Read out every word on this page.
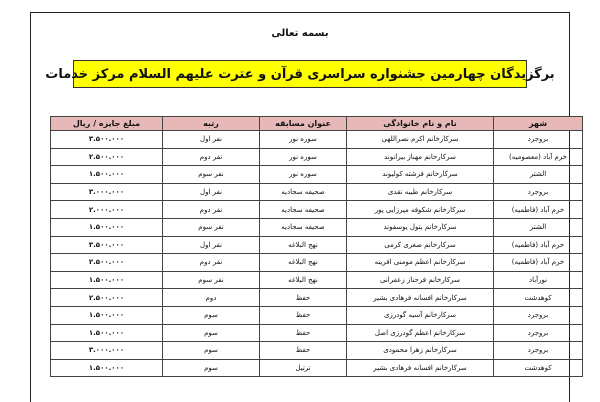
بسمه تعالی
برگزیدگان چهارمین جشنواره سراسری قرآن و عترت علیهم السلام مرکز خدمات
شهر	نام و نام خانوادگی	عنوان مسابقه	رتبه	مبلغ جایزه / ریال
بروجرد	سرکارخانم اکرم نصراللهی	سوره نور	نفر اول	۳.۵۰۰.۰۰۰
خرم آباد (معصومیه)	سرکارخانم مهناز بیرانوند	سوره نور	نفر دوم	۲.۵۰۰.۰۰۰
الشتر	سرکارخانم فرشته کولیوند	سوره نور	نفر سوم	۱.۵۰۰.۰۰۰
بروجرد	سرکارخانم طیبه نقدی	صحیفه سجادیه	نفر اول	۳.۰۰۰.۰۰۰
خرم آباد (فاطمیه)	سرکارخانم شکوفه میرزایی پور	صحیفه سجادیه	نفر دوم	۲.۰۰۰.۰۰۰
الشتر	سرکارخانم بتول یوسفوند	صحیفه سجادیه	نفر سوم	۱.۵۰۰.۰۰۰
خرم آباد (فاطمیه)	سرکارخانم صغری کرمی	نهج البلاغه	نفر اول	۳.۵۰۰.۰۰۰
خرم آباد (فاطمیه)	سرکارخانم اعظم مومنی افرینه	نهج البلاغه	نفر دوم	۲.۵۰۰.۰۰۰
نورآباد	سرکارخانم فرحناز زعفرانی	نهج البلاغه	نفر سوم	۱.۵۰۰.۰۰۰
کوهدشت	سرکارخانم افسانه فرهادی بشیر	حفظ	دوم	۲.۵۰۰.۰۰۰
بروجرد	سرکارخانم آسیه گودرزی	حفظ	سوم	۱.۵۰۰.۰۰۰
بروجرد	سرکارخانم اعظم گودرزی اصل	حفظ	سوم	۱.۵۰۰.۰۰۰
بروجرد	سرکارخانم زهرا محمودی	حفظ	سوم	۳.۰۰۰.۰۰۰
کوهدشت	سرکارخانم افسانه فرهادی بشیر	ترتیل	سوم	۱.۵۰۰.۰۰۰
